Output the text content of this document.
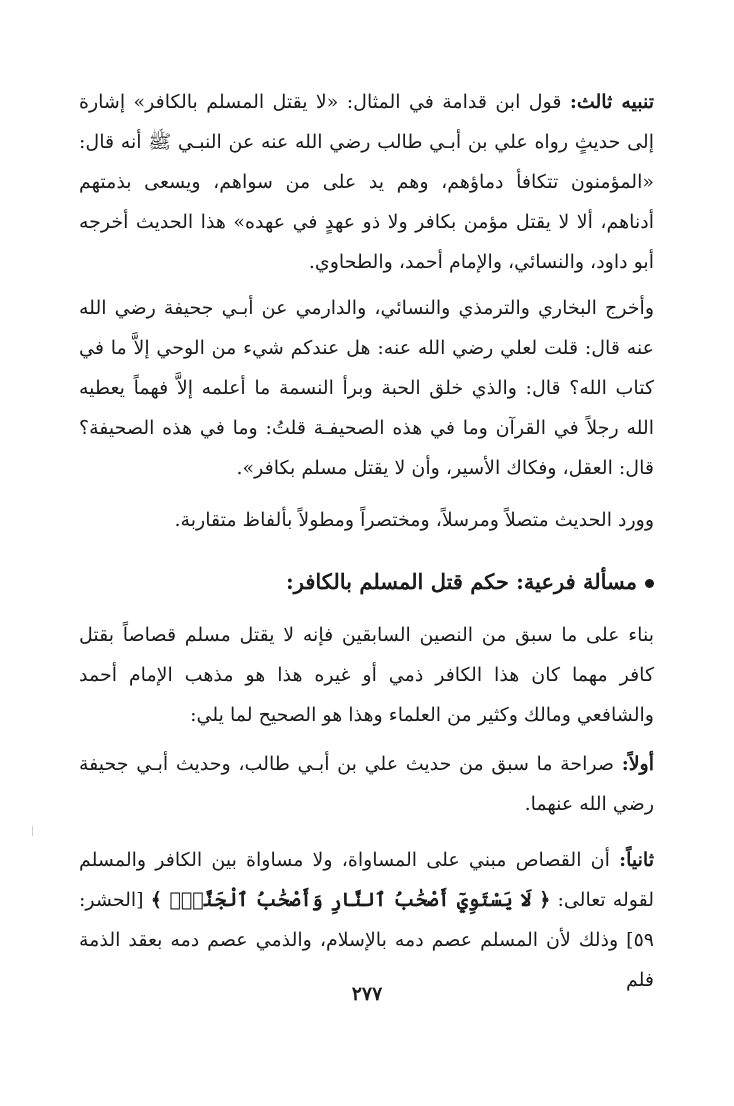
تنبيه ثالث: قول ابن قدامة في المثال: «لا يقتل المسلم بالكافر» إشارة إلى حديثٍ رواه علي بن أبـي طالب رضي الله عنه عن النبـي ﷺ أنه قال: «المؤمنون تتكافأ دماؤهم، وهم يد على من سواهم، ويسعى بذمتهم أدناهم، ألا لا يقتل مؤمن بكافر ولا ذو عهدٍ في عهده» هذا الحديث أخرجه أبو داود، والنسائي، والإمام أحمد، والطحاوي.

وأخرج البخاري والترمذي والنسائي، والدارمي عن أبـي جحيفة رضي الله عنه قال: قلت لعلي رضي الله عنه: هل عندكم شيء من الوحي إلاَّ ما في كتاب الله؟ قال: والذي خلق الحبة وبرأ النسمة ما أعلمه إلاَّ فهماً يعطيه الله رجلاً في القرآن وما في هذه الصحيفـة قلتُ: وما في هذه الصحيفة؟ قال: العقل، وفكاك الأسير، وأن لا يقتل مسلم بكافر».

وورد الحديث متصلاً ومرسلاً، ومختصراً ومطولاً بألفاظ متقاربة.

مسألة فرعية: حكم قتل المسلم بالكافر:

بناء على ما سبق من النصين السابقين فإنه لا يقتل مسلم قصاصاً بقتل كافر مهما كان هذا الكافر ذمي أو غيره هذا هو مذهب الإمام أحمد والشافعي ومالك وكثير من العلماء وهذا هو الصحيح لما يلي:

أولاً: صراحة ما سبق من حديث علي بن أبـي طالب، وحديث أبـي جحيفة رضي الله عنهما.

ثانياً: أن القصاص مبني على المساواة، ولا مساواة بين الكافر والمسلم لقوله تعالى: ﴿ لَا يَسْتَوِيٓ أَصْحَٰبُ ٱلنَّارِ وَأَصْحَٰبُ ٱلْجَنَّةِۚ ﴾ [الحشر: ٥٩] وذلك لأن المسلم عصم دمه بالإسلام، والذمي عصم دمه بعقد الذمة فلم

٢٧٧
